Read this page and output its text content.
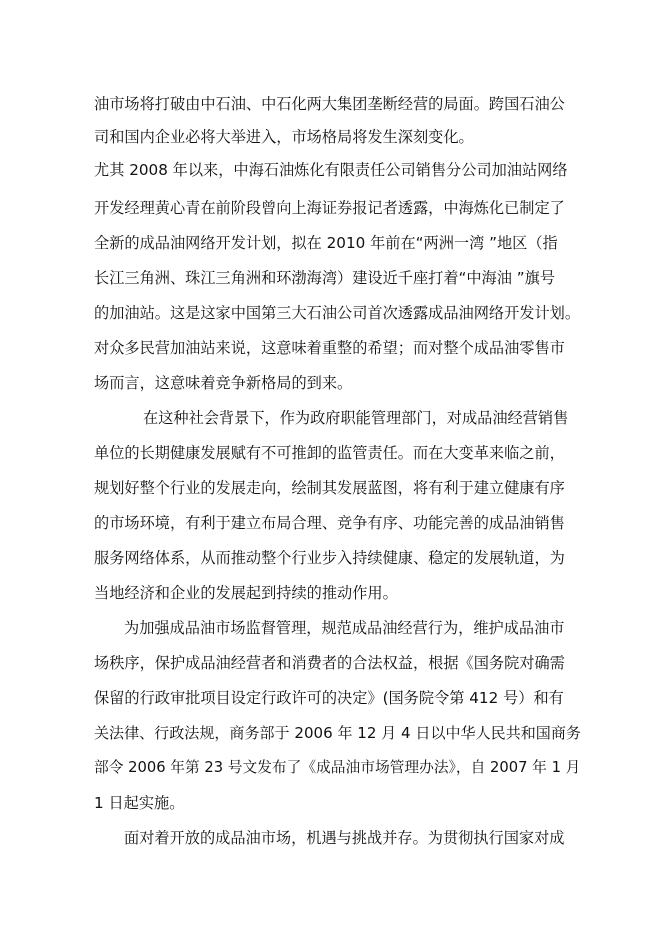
油市场将打破由中石油、中石化两大集团垄断经营的局面。跨国石油公
司和国内企业必将大举进入，市场格局将发生深刻变化。
尤其 2008 年以来，中海石油炼化有限责任公司销售分公司加油站网络
开发经理黄心青在前阶段曾向上海证券报记者透露，中海炼化已制定了
全新的成品油网络开发计划，拟在 2010 年前在“两洲一湾 ”地区（指
长江三角洲、珠江三角洲和环渤海湾）建设近千座打着“中海油 ”旗号
的加油站。这是这家中国第三大石油公司首次透露成品油网络开发计划。
对众多民营加油站来说，这意味着重整的希望；而对整个成品油零售市
场而言，这意味着竞争新格局的到来。
在这种社会背景下，作为政府职能管理部门，对成品油经营销售
单位的长期健康发展赋有不可推卸的监管责任。而在大变革来临之前，
规划好整个行业的发展走向，绘制其发展蓝图，将有利于建立健康有序
的市场环境，有利于建立布局合理、竞争有序、功能完善的成品油销售
服务网络体系，从而推动整个行业步入持续健康、稳定的发展轨道，为
当地经济和企业的发展起到持续的推动作用。
为加强成品油市场监督管理，规范成品油经营行为，维护成品油市
场秩序，保护成品油经营者和消费者的合法权益，根据《国务院对确需
保留的行政审批项目设定行政许可的决定》(国务院令第 412 号）和有
关法律、行政法规，商务部于 2006 年 12 月 4 日以中华人民共和国商务
部令 2006 年第 23 号文发布了《成品油市场管理办法》，自 2007 年 1 月
1 日起实施。
面对着开放的成品油市场，机遇与挑战并存。为贯彻执行国家对成
